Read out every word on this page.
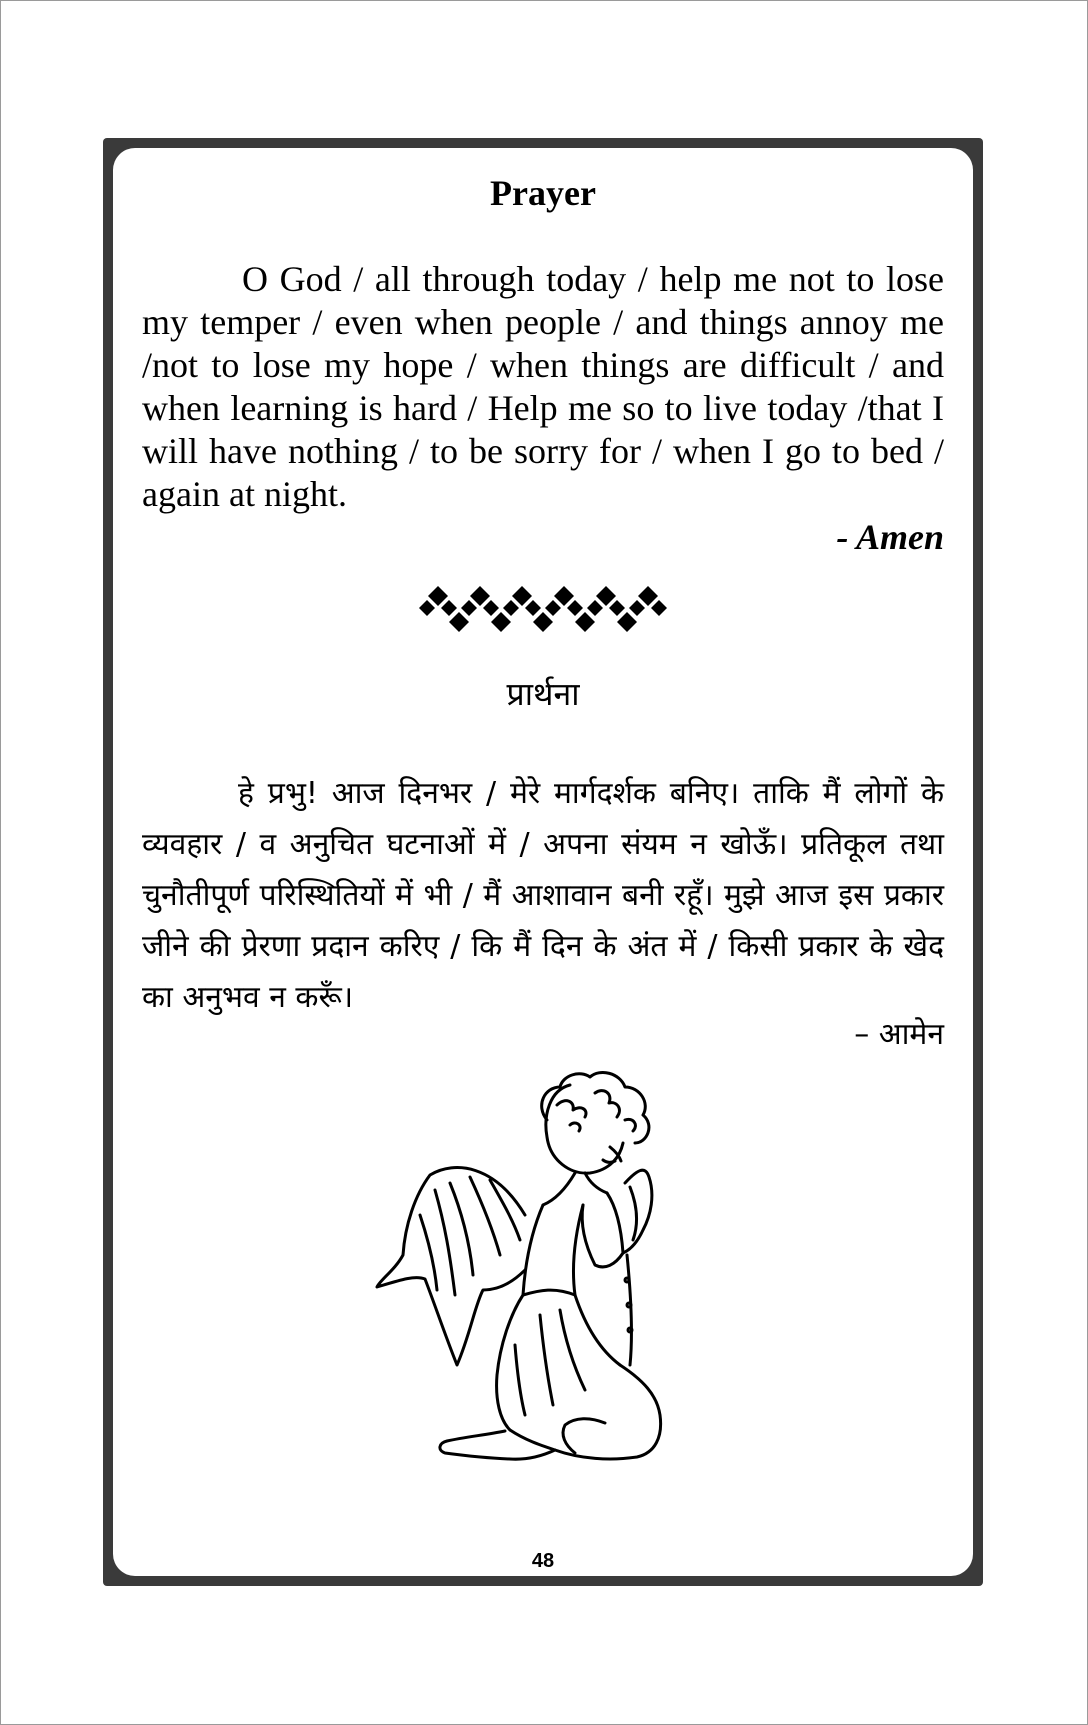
Prayer
O God / all through today / help me not to lose my temper / even when people / and things annoy me /not to lose my hope / when things are difficult / and when learning is hard / Help me so to live today /that I will have nothing / to be sorry for / when I go to bed / again at night.
- Amen
प्रार्थना
हे प्रभु! आज दिनभर / मेरे मार्गदर्शक बनिए। ताकि मैं लोगों के व्यवहार / व अनुचित घटनाओं में / अपना संयम न खोऊँ। प्रतिकूल तथा चुनौतीपूर्ण परिस्थितियों में भी / मैं आशावान बनी रहूँ। मुझे आज इस प्रकार जीने की प्रेरणा प्रदान करिए / कि मैं दिन के अंत में / किसी प्रकार के खेद का अनुभव न करूँ।
– आमेन
48
